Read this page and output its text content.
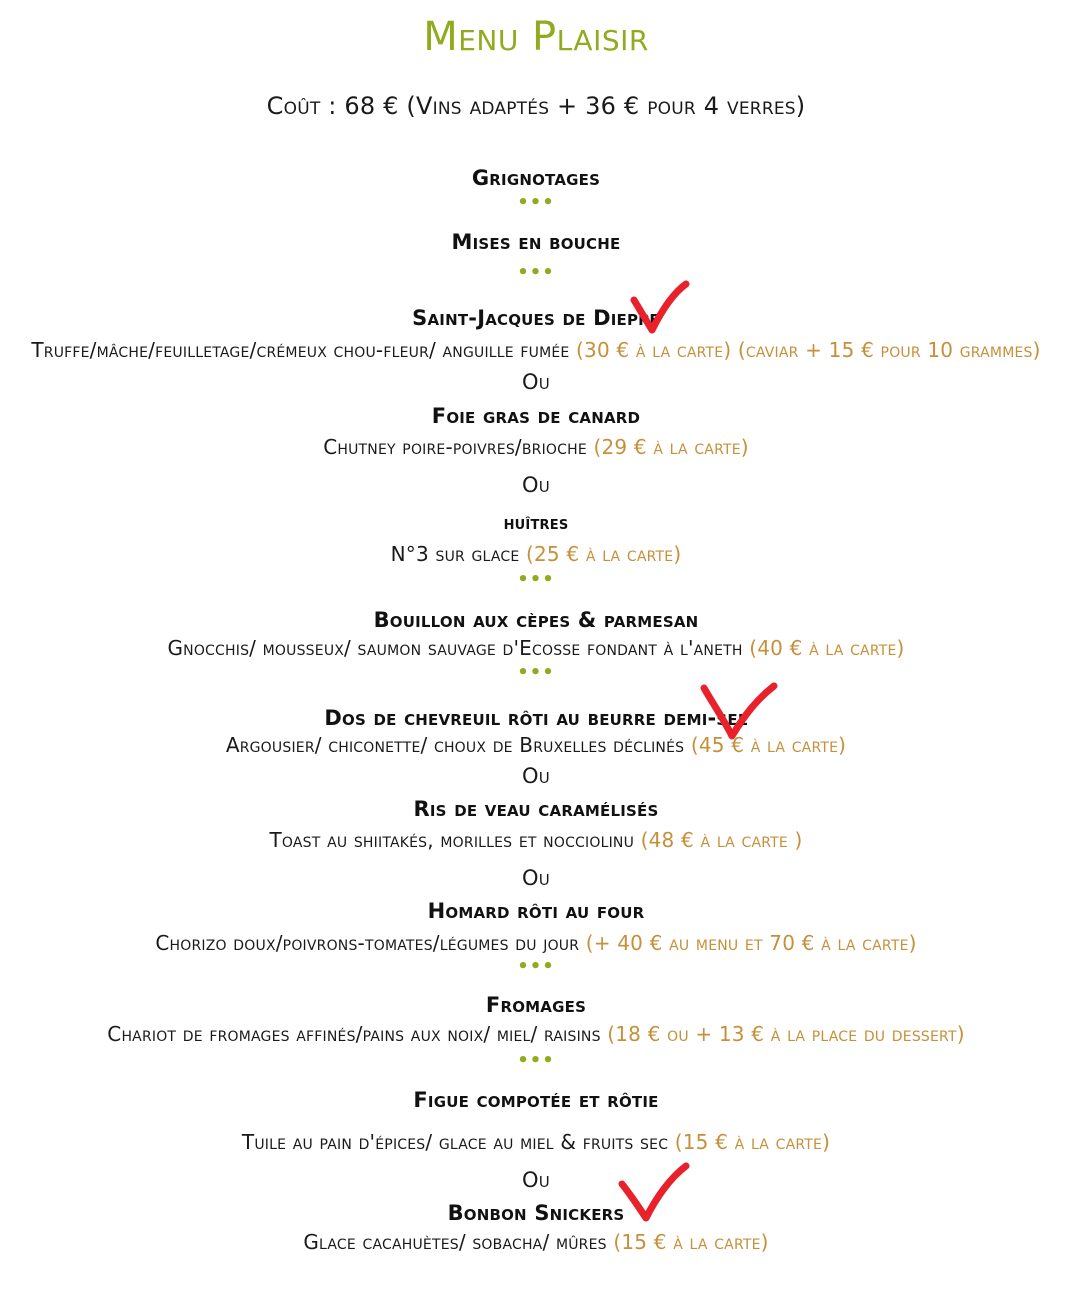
Menu Plaisir
Coût : 68 € (Vins adaptés + 36 € pour 4 verres)
Grignotages
•••
Mises en bouche
•••
Saint-Jacques de Dieppe
Truffe/mâche/feuilletage/crémeux chou-fleur/ anguille fumée (30 € à la carte) (caviar + 15 € pour 10 grammes)
Ou
Foie gras de canard
Chutney poire-poivres/brioche (29 € à la carte)
Ou
huîtres
N°3 sur glace (25 € à la carte)
•••
Bouillon aux cèpes & parmesan
Gnocchis/ mousseux/ saumon sauvage d'Ecosse fondant à l'aneth (40 € à la carte)
•••
Dos de chevreuil rôti au beurre demi-sel
Argousier/ chiconette/ choux de Bruxelles déclinés (45 € à la carte)
Ou
Ris de veau caramélisés
Toast au shiitakés, morilles et nocciolinu (48 € à la carte )
Ou
Homard rôti au four
Chorizo doux/poivrons-tomates/légumes du jour (+ 40 € au menu et 70 € à la carte)
•••
Fromages
Chariot de fromages affinés/pains aux noix/ miel/ raisins (18 € ou + 13 € à la place du dessert)
•••
Figue compotée et rôtie
Tuile au pain d'épices/ glace au miel & fruits sec (15 € à la carte)
Ou
Bonbon Snickers
Glace cacahuètes/ sobacha/ mûres (15 € à la carte)
